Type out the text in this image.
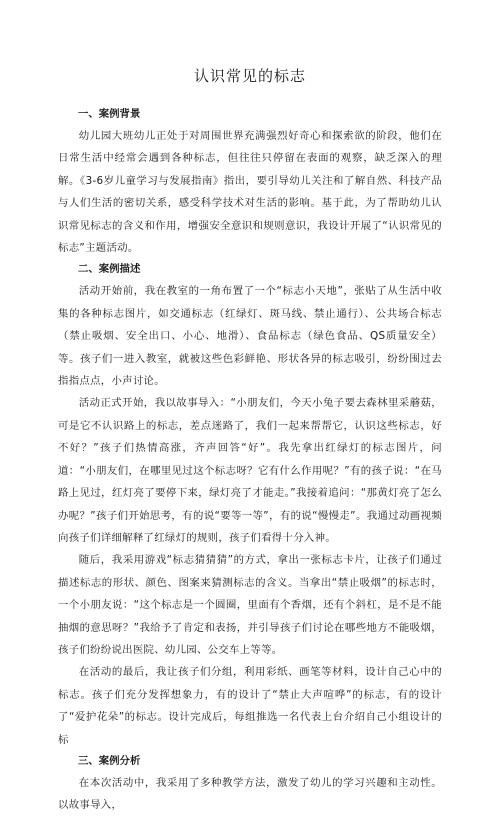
认识常见的标志

一、案例背景

幼儿园大班幼儿正处于对周围世界充满强烈好奇心和探索欲的阶段，他们在日常生活中经常会遇到各种标志，但往往只停留在表面的观察，缺乏深入的理解。《3-6岁儿童学习与发展指南》指出，要引导幼儿关注和了解自然、科技产品与人们生活的密切关系，感受科学技术对生活的影响。基于此，为了帮助幼儿认识常见标志的含义和作用，增强安全意识和规则意识，我设计开展了“认识常见的标志”主题活动。

二、案例描述

活动开始前，我在教室的一角布置了一个“标志小天地”，张贴了从生活中收集的各种标志图片，如交通标志（红绿灯、斑马线、禁止通行）、公共场合标志（禁止吸烟、安全出口、小心、地滑）、食品标志（绿色食品、QS质量安全）等。孩子们一进入教室，就被这些色彩鲜艳、形状各异的标志吸引，纷纷围过去指指点点，小声讨论。

活动正式开始，我以故事导入：“小朋友们，今天小兔子要去森林里采蘑菇，可是它不认识路上的标志，差点迷路了，我们一起来帮帮它，认识这些标志，好不好？”孩子们热情高涨，齐声回答“好”。我先拿出红绿灯的标志图片，问道：“小朋友们，在哪里见过这个标志呀？它有什么作用呢？”有的孩子说：“在马路上见过，红灯亮了要停下来，绿灯亮了才能走。”我接着追问：“那黄灯亮了怎么办呢？”孩子们开始思考，有的说“要等一等”，有的说“慢慢走”。我通过动画视频向孩子们详细解释了红绿灯的规则，孩子们看得十分入神。

随后，我采用游戏“标志猜猜猜”的方式，拿出一张标志卡片，让孩子们通过描述标志的形状、颜色、图案来猜测标志的含义。当拿出“禁止吸烟”的标志时，一个小朋友说：“这个标志是一个圆圈，里面有个香烟，还有个斜杠，是不是不能抽烟的意思呀？”我给予了肯定和表扬，并引导孩子们讨论在哪些地方不能吸烟，孩子们纷纷说出医院、幼儿园、公交车上等等。

在活动的最后，我让孩子们分组，利用彩纸、画笔等材料，设计自己心中的标志。孩子们充分发挥想象力，有的设计了“禁止大声喧哗”的标志，有的设计了“爱护花朵”的标志。设计完成后，每组推选一名代表上台介绍自己小组设计的标

三、案例分析

在本次活动中，我采用了多种教学方法，激发了幼儿的学习兴趣和主动性。以故事导入，
